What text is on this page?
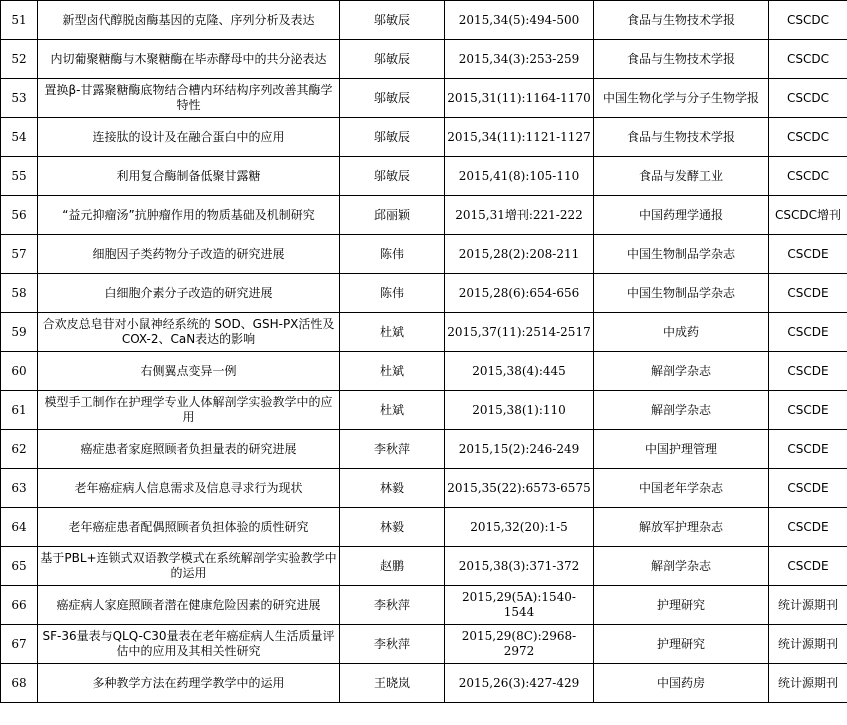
51	新型卤代醇脱卤酶基因的克隆、序列分析及表达	邬敏辰	2015,34(5):494-500	食品与生物技术学报	CSCDC
52	内切葡聚糖酶与木聚糖酶在毕赤酵母中的共分泌表达	邬敏辰	2015,34(3):253-259	食品与生物技术学报	CSCDC
53	置换β-甘露聚糖酶底物结合槽内环结构序列改善其酶学特性	邬敏辰	2015,31(11):1164-1170	中国生物化学与分子生物学报	CSCDC
54	连接肽的设计及在融合蛋白中的应用	邬敏辰	2015,34(11):1121-1127	食品与生物技术学报	CSCDC
55	利用复合酶制备低聚甘露糖	邬敏辰	2015,41(8):105-110	食品与发酵工业	CSCDC
56	“益元抑瘤汤”抗肿瘤作用的物质基础及机制研究	邱丽颖	2015,31增刊:221-222	中国药理学通报	CSCDC增刊
57	细胞因子类药物分子改造的研究进展	陈伟	2015,28(2):208-211	中国生物制品学杂志	CSCDE
58	白细胞介素分子改造的研究进展	陈伟	2015,28(6):654-656	中国生物制品学杂志	CSCDE
59	合欢皮总皂苷对小鼠神经系统的 SOD、GSH-PX活性及 COX-2、CaN表达的影响	杜斌	2015,37(11):2514-2517	中成药	CSCDE
60	右侧翼点变异一例	杜斌	2015,38(4):445	解剖学杂志	CSCDE
61	模型手工制作在护理学专业人体解剖学实验教学中的应用	杜斌	2015,38(1):110	解剖学杂志	CSCDE
62	癌症患者家庭照顾者负担量表的研究进展	李秋萍	2015,15(2):246-249	中国护理管理	CSCDE
63	老年癌症病人信息需求及信息寻求行为现状	林毅	2015,35(22):6573-6575	中国老年学杂志	CSCDE
64	老年癌症患者配偶照顾者负担体验的质性研究	林毅	2015,32(20):1-5	解放军护理杂志	CSCDE
65	基于PBL+连锁式双语教学模式在系统解剖学实验教学中的运用	赵鹏	2015,38(3):371-372	解剖学杂志	CSCDE
66	癌症病人家庭照顾者潜在健康危险因素的研究进展	李秋萍	2015,29(5A):1540-1544	护理研究	统计源期刊
67	SF-36量表与QLQ-C30量表在老年癌症病人生活质量评估中的应用及其相关性研究	李秋萍	2015,29(8C):2968-2972	护理研究	统计源期刊
68	多种教学方法在药理学教学中的运用	王晓岚	2015,26(3):427-429	中国药房	统计源期刊
